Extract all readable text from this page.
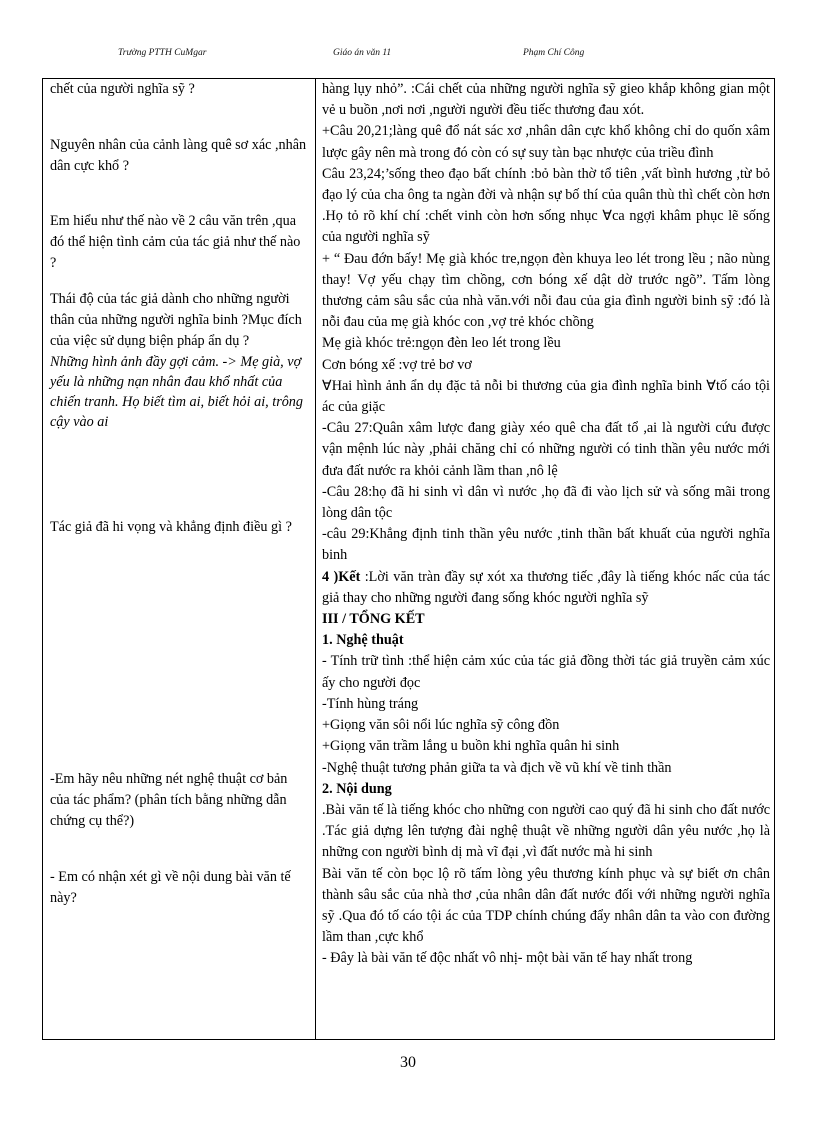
Trường PTTH CuMgar	Giáo án văn 11	Phạm Chí Công

chết của người nghĩa sỹ ?

Nguyên nhân của cảnh làng quê sơ xác ,nhân dân cực khổ ?

Em hiểu như thế nào về 2 câu văn trên ,qua đó thể hiện tình cảm của tác giả như thế nào ?

Thái độ của tác giả dành cho những người thân của những người nghĩa binh ?Mục đích của việc sử dụng biện pháp ẩn dụ ?

Những hình ảnh đầy gợi cảm. -> Mẹ già, vợ yếu là những nạn nhân đau khổ nhất của chiến tranh. Họ biết tìm ai, biết hỏi ai, trông cậy vào ai

Tác giả đã hi vọng và khẳng định điều gì ?

-Em hãy nêu những nét nghệ thuật cơ bản của tác phẩm? (phân tích bằng những dẫn chứng cụ thể?)

- Em có nhận xét gì về nội dung bài văn tế này?

hàng lụy nhỏ”. :Cái chết của những người nghĩa sỹ gieo khắp không gian một vẻ u buồn ,nơi nơi ,người người đều tiếc thương đau xót.

+Câu 20,21;làng quê đổ nát sác xơ ,nhân dân cực khổ không chỉ do quốn xâm lược gây nên mà trong đó còn có sự suy tàn bạc nhược của triều đình

Câu 23,24;’sống theo đạo bất chính :bỏ bàn thờ tổ tiên ,vất bình hương ,từ bỏ đạo lý của cha ông ta ngàn đời và nhận sự bố thí của quân thù thì chết còn hơn .Họ tỏ rõ khí chí :chết vinh còn hơn sống nhục ∀ca ngợi khâm phục lẽ sống của người nghĩa sỹ

+ “ Đau đớn bấy! Mẹ già khóc tre,ngọn đèn khuya leo lét trong lều ; não nùng thay! Vợ yếu chạy tìm chồng, cơn bóng xế dật dờ trước ngõ”. Tấm lòng thương cảm sâu sắc của nhà văn.với nỗi đau của gia đình người binh sỹ :đó là nỗi đau của mẹ già khóc con ,vợ trẻ khóc chồng

Mẹ già khóc trẻ:ngọn đèn leo lét trong lều

Cơn bóng xế :vợ trẻ bơ vơ

∀Hai hình ảnh ẩn dụ đặc tả nỗi bi thương của gia đình nghĩa binh ∀tố cáo tội ác của giặc

-Câu 27:Quân xâm lược đang giày xéo quê cha đất tổ ,ai là người cứu được vận mệnh lúc này ,phải chăng chỉ có những người có tinh thần yêu nước mới đưa đất nước ra khỏi cảnh lầm than ,nô lệ

-Câu 28:họ đã hi sinh vì dân vì nước ,họ đã đi vào lịch sử và sống mãi trong lòng dân tộc

-câu 29:Khẳng định tinh thần yêu nước ,tinh thần bất khuất của người nghĩa binh

4 )Kết :Lời văn tràn đầy sự xót xa thương tiếc ,đây là tiếng khóc nấc của tác giả thay cho những người đang sống khóc người nghĩa sỹ

III / TỔNG KẾT

1. Nghệ thuật

- Tính trữ tình :thể hiện cảm xúc của tác giả đồng thời tác giả truyền cảm xúc ấy cho người đọc

-Tính hùng tráng

+Giọng văn sôi nổi lúc nghĩa sỹ công đồn

+Giọng văn trầm lắng u buồn khi nghĩa quân hi sinh

-Nghệ thuật tương phản giữa ta và địch về vũ khí về tinh thần

2. Nội dung

.Bài văn tế là tiếng khóc cho những con người cao quý đã hi sinh cho đất nước .Tác giả dựng lên tượng đài nghệ thuật về những người dân yêu nước ,họ là những con người bình dị mà vĩ đại ,vì đất nước mà hi sinh

Bài văn tế còn bọc lộ rõ tấm lòng yêu thương kính phục và sự biết ơn chân thành sâu sắc của nhà thơ ,của nhân dân đất nước đối với những người nghĩa sỹ .Qua đó tố cáo tội ác của TDP chính chúng đẩy nhân dân ta vào con đường lầm than ,cực khổ

- Đây là bài văn tế độc nhất vô nhị- một bài văn tế hay nhất trong

30
